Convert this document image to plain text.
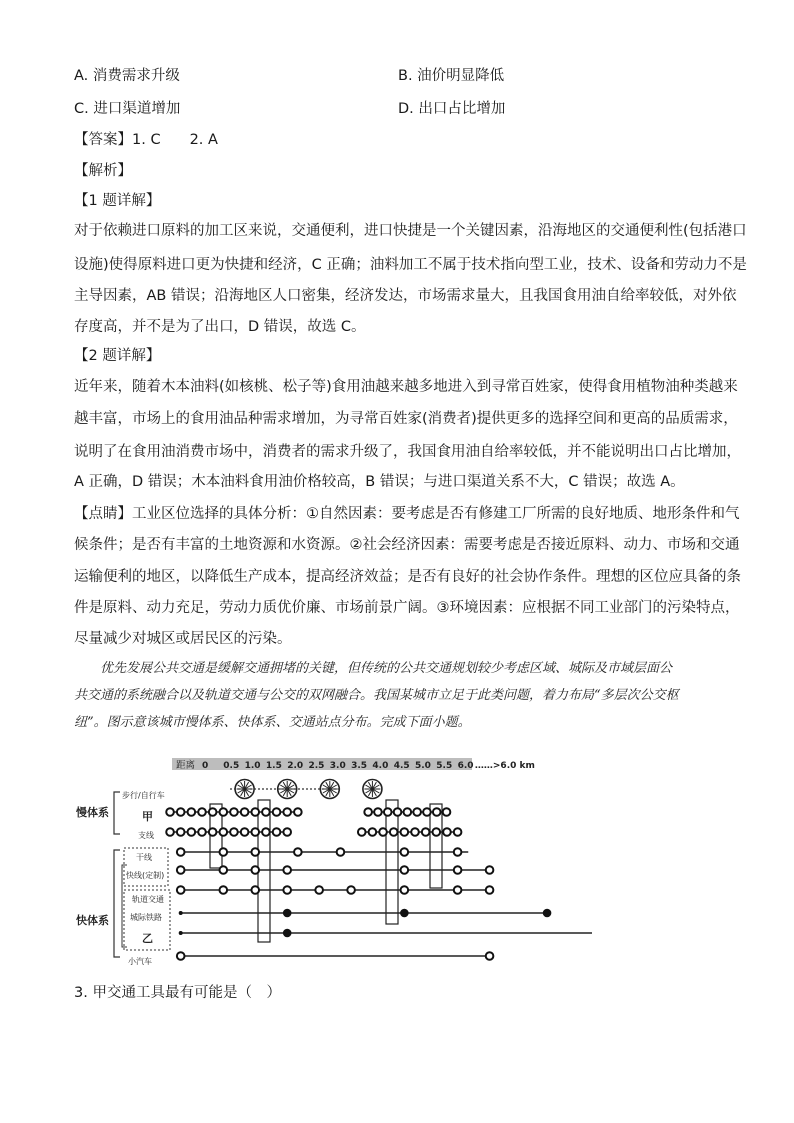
A. 消费需求升级	B. 油价明显降低
C. 进口渠道增加	D. 出口占比增加
【答案】1. C　　2. A
【解析】
【1 题详解】
对于依赖进口原料的加工区来说，交通便利，进口快捷是一个关键因素，沿海地区的交通便利性(包括港口
设施)使得原料进口更为快捷和经济，C 正确；油料加工不属于技术指向型工业，技术、设备和劳动力不是
主导因素，AB 错误；沿海地区人口密集，经济发达，市场需求量大，且我国食用油自给率较低，对外依
存度高，并不是为了出口，D 错误，故选 C。
【2 题详解】
近年来，随着木本油料(如核桃、松子等)食用油越来越多地进入到寻常百姓家，使得食用植物油种类越来
越丰富，市场上的食用油品种需求增加，为寻常百姓家(消费者)提供更多的选择空间和更高的品质需求，
说明了在食用油消费市场中，消费者的需求升级了，我国食用油自给率较低，并不能说明出口占比增加，
A 正确，D 错误；木本油料食用油价格较高，B 错误；与进口渠道关系不大，C 错误；故选 A。
【点睛】工业区位选择的具体分析：①自然因素：要考虑是否有修建工厂所需的良好地质、地形条件和气
候条件；是否有丰富的土地资源和水资源。②社会经济因素：需要考虑是否接近原料、动力、市场和交通
运输便利的地区，以降低生产成本，提高经济效益；是否有良好的社会协作条件。理想的区位应具备的条
件是原料、动力充足，劳动力质优价廉、市场前景广阔。③环境因素：应根据不同工业部门的污染特点，
尽量减少对城区或居民区的污染。

优先发展公共交通是缓解交通拥堵的关键，但传统的公共交通规划较少考虑区域、城际及市域层面公

共交通的系统融合以及轨道交通与公交的双网融合。我国某城市立足于此类问题，着力布局“多层次公交枢

纽”。图示意该城市慢体系、快体系、交通站点分布。完成下面小题。

距离 0 0.5 1.0 1.5 2.0 2.5 3.0 3.5 4.0 4.5 5.0 5.5 6.0 ……>6.0 km
慢体系
快体系
步行/自行车
甲
支线
干线
快线(定制)
轨道交通
城际铁路
乙
小汽车
3. 甲交通工具最有可能是（　）
